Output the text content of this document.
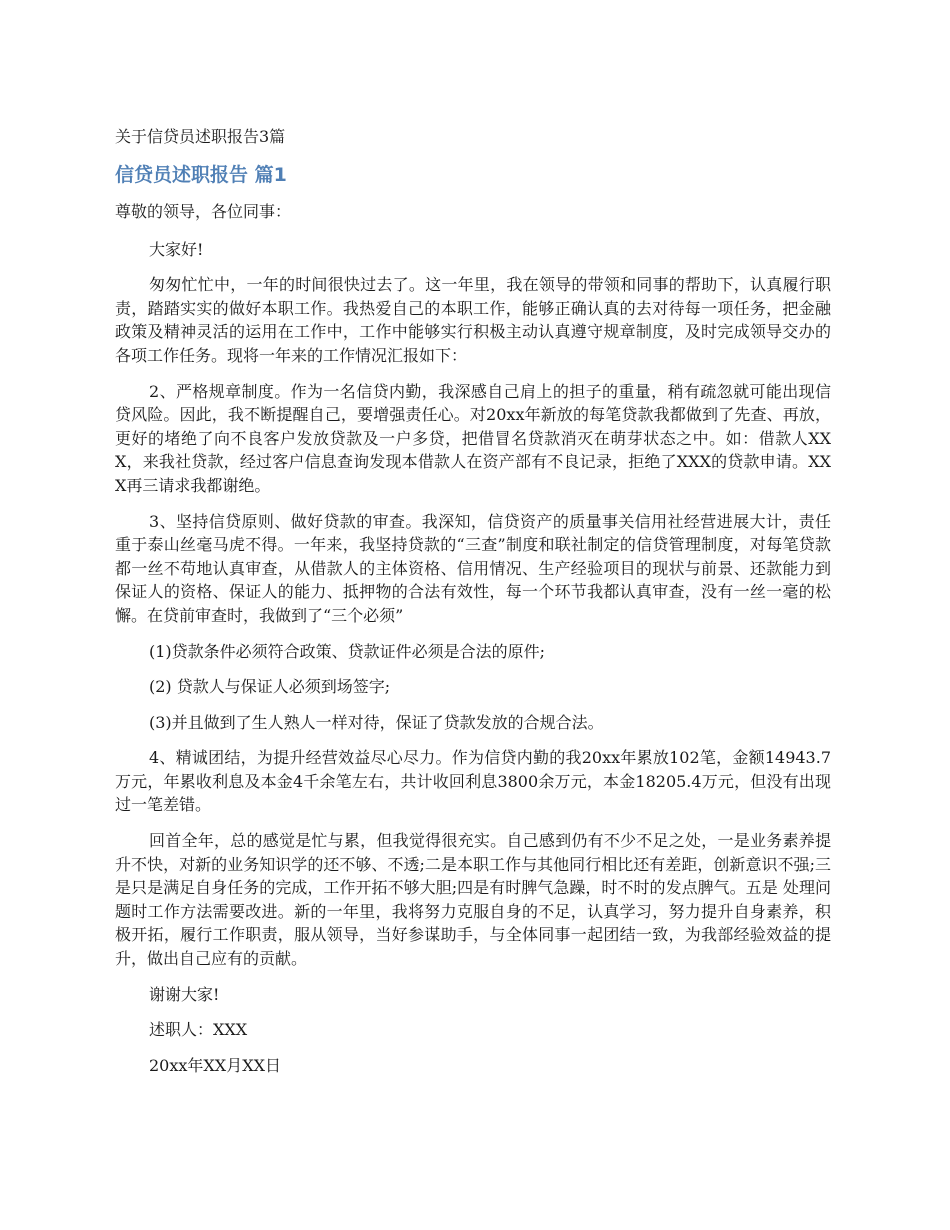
关于信贷员述职报告3篇
信贷员述职报告 篇1
尊敬的领导，各位同事：
大家好!
匆匆忙忙中，一年的时间很快过去了。这一年里，我在领导的带领和同事的帮助下，认真履行职责，踏踏实实的做好本职工作。我热爱自己的本职工作，能够正确认真的去对待每一项任务，把金融政策及精神灵活的运用在工作中，工作中能够实行积极主动认真遵守规章制度，及时完成领导交办的各项工作任务。现将一年来的工作情况汇报如下：
2、严格规章制度。作为一名信贷内勤，我深感自己肩上的担子的重量，稍有疏忽就可能出现信贷风险。因此，我不断提醒自己，要增强责任心。对20xx年新放的每笔贷款我都做到了先查、再放，更好的堵绝了向不良客户发放贷款及一户多贷，把借冒名贷款消灭在萌芽状态之中。如：借款人XXX，来我社贷款，经过客户信息查询发现本借款人在资产部有不良记录，拒绝了XXX的贷款申请。XXX再三请求我都谢绝。
3、坚持信贷原则、做好贷款的审查。我深知，信贷资产的质量事关信用社经营进展大计，责任重于泰山丝毫马虎不得。一年来，我坚持贷款的“三查”制度和联社制定的信贷管理制度，对每笔贷款都一丝不苟地认真审查，从借款人的主体资格、信用情况、生产经验项目的现状与前景、还款能力到保证人的资格、保证人的能力、抵押物的合法有效性，每一个环节我都认真审查，没有一丝一毫的松懈。在贷前审查时，我做到了“三个必须”
(1)贷款条件必须符合政策、贷款证件必须是合法的原件;
(2) 贷款人与保证人必须到场签字;
(3)并且做到了生人熟人一样对待，保证了贷款发放的合规合法。
4、精诚团结，为提升经营效益尽心尽力。作为信贷内勤的我20xx年累放102笔，金额14943.7万元，年累收利息及本金4千余笔左右，共计收回利息3800余万元，本金18205.4万元，但没有出现过一笔差错。
回首全年，总的感觉是忙与累，但我觉得很充实。自己感到仍有不少不足之处，一是业务素养提升不快，对新的业务知识学的还不够、不透;二是本职工作与其他同行相比还有差距，创新意识不强;三是只是满足自身任务的完成，工作开拓不够大胆;四是有时脾气急躁，时不时的发点脾气。五是 处理问题时工作方法需要改进。新的一年里，我将努力克服自身的不足，认真学习，努力提升自身素养，积极开拓，履行工作职责，服从领导，当好参谋助手，与全体同事一起团结一致，为我部经验效益的提升，做出自己应有的贡献。
谢谢大家!
述职人：XXX
20xx年XX月XX日
